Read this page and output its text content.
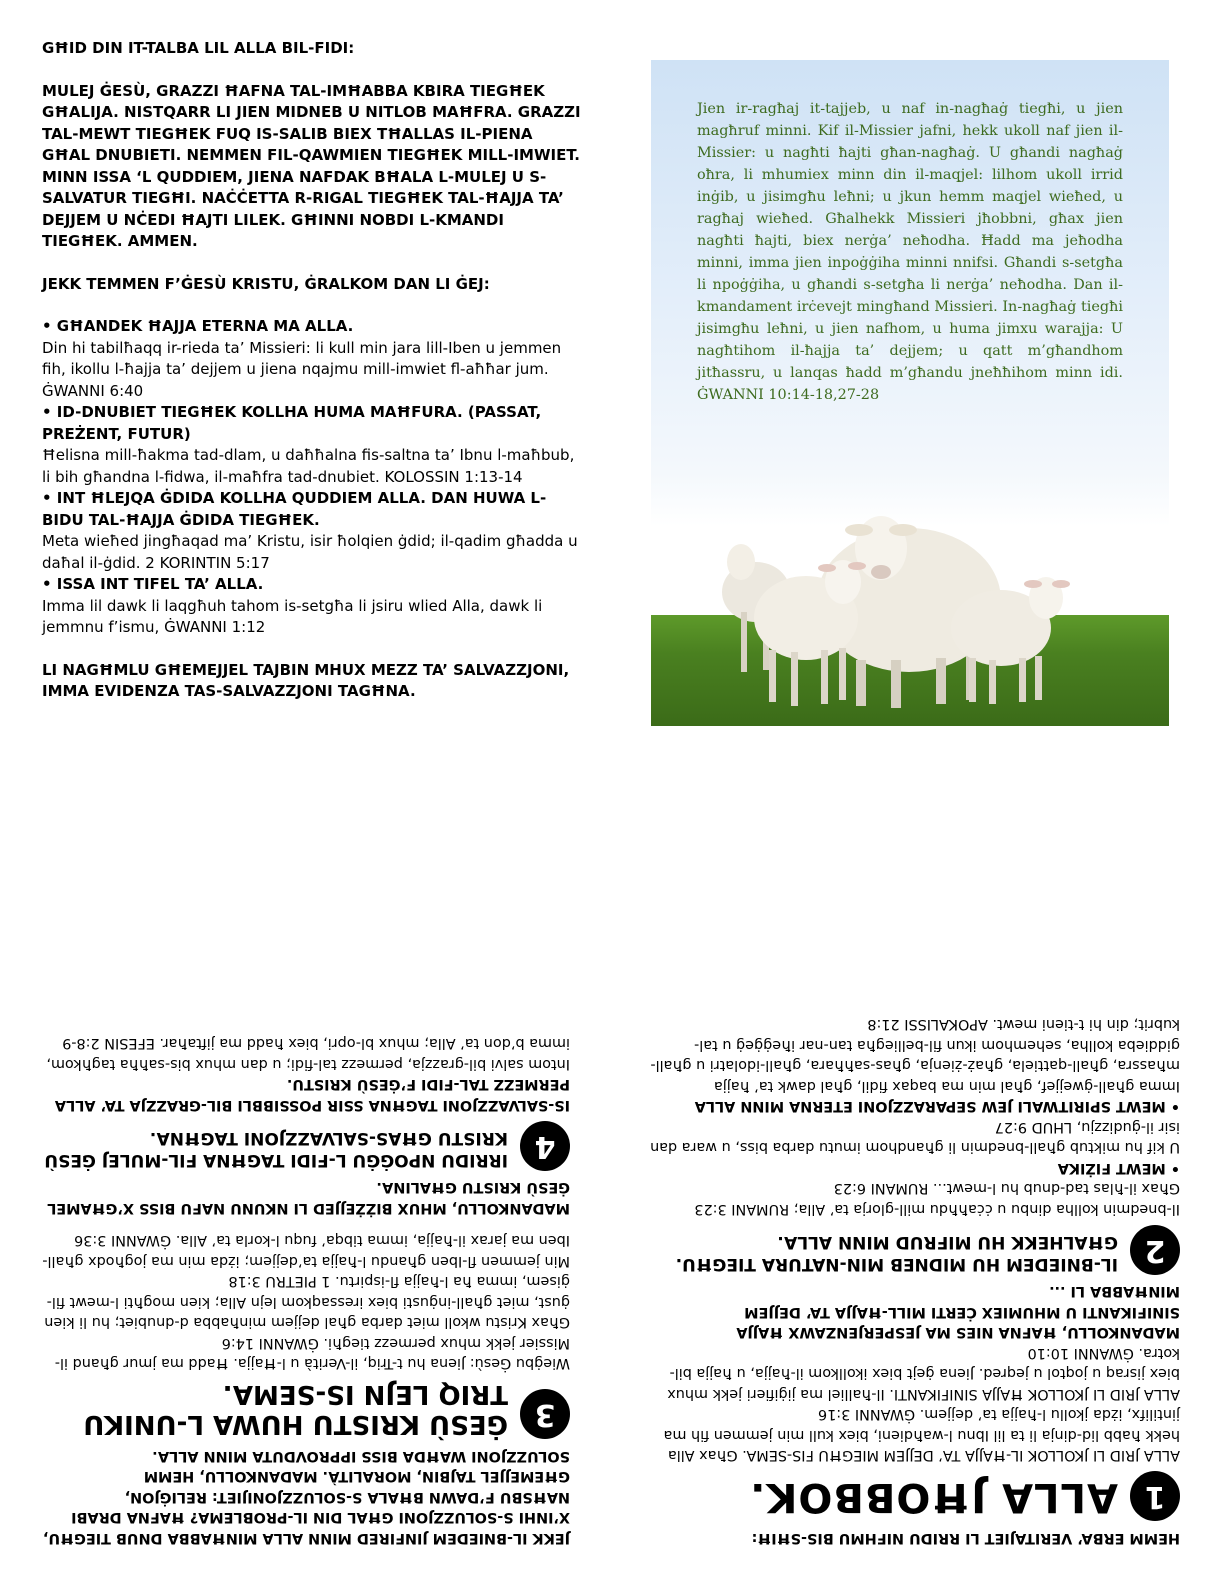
GĦID DIN IT-TALBA LIL ALLA BIL-FIDI:

MULEJ ĠESÙ, GRAZZI ĦAFNA TAL-IMĦABBA KBIRA TIEGĦEK GĦALIJA. NISTQARR LI JIEN MIDNEB U NITLOB MAĦFRA. GRAZZI TAL-MEWT TIEGĦEK FUQ IS-SALIB BIEX TĦALLAS IL-PIENA GĦAL DNUBIETI. NEMMEN FIL-QAWMIEN TIEGĦEK MILL-IMWIET. MINN ISSA ‘L QUDDIEM, JIENA NAFDAK BĦALA L-MULEJ U S-SALVATUR TIEGĦI. NAĊĊETTA R-RIGAL TIEGĦEK TAL-ĦAJJA TA’ DEJJEM U NĊEDI ĦAJTI LILEK. GĦINNI NOBDI L-KMANDI TIEGĦEK. AMMEN.

JEKK TEMMEN F’ĠESÙ KRISTU, ĠRALKOM DAN LI ĠEJ:

• GĦANDEK ĦAJJA ETERNA MA ALLA.

Din hi tabilħaqq ir-rieda ta’ Missieri: li kull min jara lill-Iben u jemmen fih, ikollu l-ħajja ta’ dejjem u jiena nqajmu mill-imwiet fl-aħħar jum. ĠWANNI 6:40

• ID-DNUBIET TIEGĦEK KOLLHA HUMA MAĦFURA. (PASSAT, PREŻENT, FUTUR)

Ħelisna mill-ħakma tad-dlam, u daħħalna fis-saltna ta’ Ibnu l-maħbub, li bih għandna l-fidwa, il-maħfra tad-dnubiet. KOLOSSIN 1:13-14

• INT ĦLEJQA ĠDIDA KOLLHA QUDDIEM ALLA. DAN HUWA L-BIDU TAL-ĦAJJA ĠDIDA TIEGĦEK.

Meta wieħed jingħaqad ma’ Kristu, isir ħolqien ġdid; il-qadim għadda u daħal il-ġdid. 2 KORINTIN 5:17

• ISSA INT TIFEL TA’ ALLA.

Imma lil dawk li laqgħuh tahom is-setgħa li jsiru wlied Alla, dawk li jemmnu f’ismu, ĠWANNI 1:12

LI NAGĦMLU GĦEMEJJEL TAJBIN MHUX MEZZ TA’ SALVAZZJONI, IMMA EVIDENZA TAS-SALVAZZJONI TAGĦNA.

Jien ir-ragħaj it-tajjeb, u naf in-nagħaġ tiegħi, u jien magħruf minni. Kif il-Missier jafni, hekk ukoll naf jien il-Missier: u nagħti ħajti għan-nagħaġ. U għandi nagħaġ oħra, li mhumiex minn din il-maqjel: lilhom ukoll irrid inġib, u jisimgħu leħni; u jkun hemm maqjel wieħed, u ragħaj wieħed. Għalhekk Missieri jħobbni, għax jien nagħti ħajti, biex nerġa’ neħodha. Ħadd ma jeħodha minni, imma jien inpoġġiha minni nnifsi. Għandi s-setgħa li npoġġiha, u għandi s-setgħa li nerġa’ neħodha. Dan il-kmandament irċevejt mingħand Missieri. In-nagħaġ tiegħi jisimgħu leħni, u jien nafhom, u huma jimxu warajja: U nagħtihom il-ħajja ta’ dejjem; u qatt m’għandhom jitħassru, u lanqas ħadd m’għandu jneħħihom minn idi. ĠWANNI 10:14-18,27-28

JEKK IL-BNIEDEM JINFIRED MINN ALLA MINĦABBA DNUB TIEGĦU, X’INHI S-SOLUZZJONI GĦAL DIN IL-PROBLEMA? ĦAFNA DRABI NAĦSBU F’DAWN BĦALA S-SOLUZZJONIJIET: RELIĠJON, GĦEMEJJEL TAJBIN, MORALITÀ. MADANKOLLU, HEMM SOLUZZJONI WAĦDA BISS IPPROVDUTA MINN ALLA.

3
ĠESÙ KRISTU HUWA L-UNIKU TRIQ LEJN IS-SEMA.

Wieġbu Ġesù: Jiena hu t-Triq, il-Verità u l-Ħajja. Ħadd ma jmur għand il-Missier jekk mhux permezz tiegħi. ĠWANNI 14:6

Għax Kristu wkoll miet darba għal dejjem minħabba d-dnubiet; hu li kien ġust, miet għall-inġusti biex iressaqkom lejn Alla; kien mogħti l-mewt fil-ġisem, imma ħa l-ħajja fl-ispirtu. 1 PIETRU 3:18

Min jemmen fl-Iben għandu l-ħajja ta’dejjem; iżda min ma jogħodx għall-Iben ma jarax il-ħajja, imma tibqa’ fuqu l-korla ta’ Alla. ĠWANNI 3:36

MADANKOLLU, MHUX BIŻŻEJJED LI NKUNU NAFU BISS X’GĦAMEL ĠESÙ KRISTU GĦALINA.

4
IRRIDU NPOĠĠU L-FIDI TAGĦNA FIL-MULEJ ĠESÙ KRISTU GĦAS-SALVAZZJONI TAGĦNA.

IS-SALVAZZJONI TAGĦNA SSIR POSSIBBLI BIL-GRAZZJA TA’ ALLA PERMEZZ TAL-FIDI F’ĠESÙ KRISTU.

Intom salvi bil-grazzja, permezz tal-fidi; u dan mhux bis-saħħa tagħkom, imma b’don ta’ Alla; mhux bl-opri, biex ħadd ma jiftaħar. EFESIN 2:8-9

HEMM ERBA’ VERITAJIET LI RRIDU NIFHMU BIS-SĦIĦ:

1
ALLA JĦOBBOK.

ALLA JRID LI JKOLLOK IL-ĦAJJA TA’ DEJJEM MIEGĦU FIS-SEMA. Għax Alla hekk ħabb lid-dinja li ta lil Ibnu l-waħdieni, biex kull min jemmen fih ma jintilifx, iżda jkollu l-ħajja ta’ dejjem. ĠWANNI 3:16

ALLA JRID LI JKOLLOK ĦAJJA SINIFIKANTI. Il-ħalliel ma jiġifieri jekk mhux biex jisraq u joqtol u jeqred. Jiena ġejt biex ikollkom il-ħajja, u ħajja bil-kotra. ĠWANNI 10:10

MADANKOLLU, ĦAFNA NIES MA JESPERJENZAWX ĦAJJA SINIFIKANTI U MHUMIEX ĊERTI MILL-ĦAJJA TA’ DEJJEM MINĦABBA LI ...

2
IL-BNIEDEM HU MIDNEB MIN-NATURA TIEGĦU. GĦALHEKK HU MIFRUD MINN ALLA.

Il-bnedmin kollha dinbu u ċċaħħdu mill-glorja ta’ Alla; RUMANI 3:23

Għax il-ħlas tad-dnub hu l-mewt... RUMANI 6:23

• MEWT FIŻIKA

U kif hu miktub għall-bnedmin li għandhom imutu darba biss, u wara dan isir il-ġudizzju, LHUD 9:27

• MEWT SPIRITWALI JEW SEPARAZZJONI ETERNA MINN ALLA

Imma għall-ġwejjef, għal min ma baqax fidil, għal dawk ta’ ħajja mħassra, għall-qattiela, għaż-żienja, għas-saħħara, għall-idolatri u għall-giddieba kollha, sehemhom ikun fil-belliegħa tan-nar iħeġġeġ u tal-kubrit; din hi t-tieni mewt. APOKALISSI 21:8
